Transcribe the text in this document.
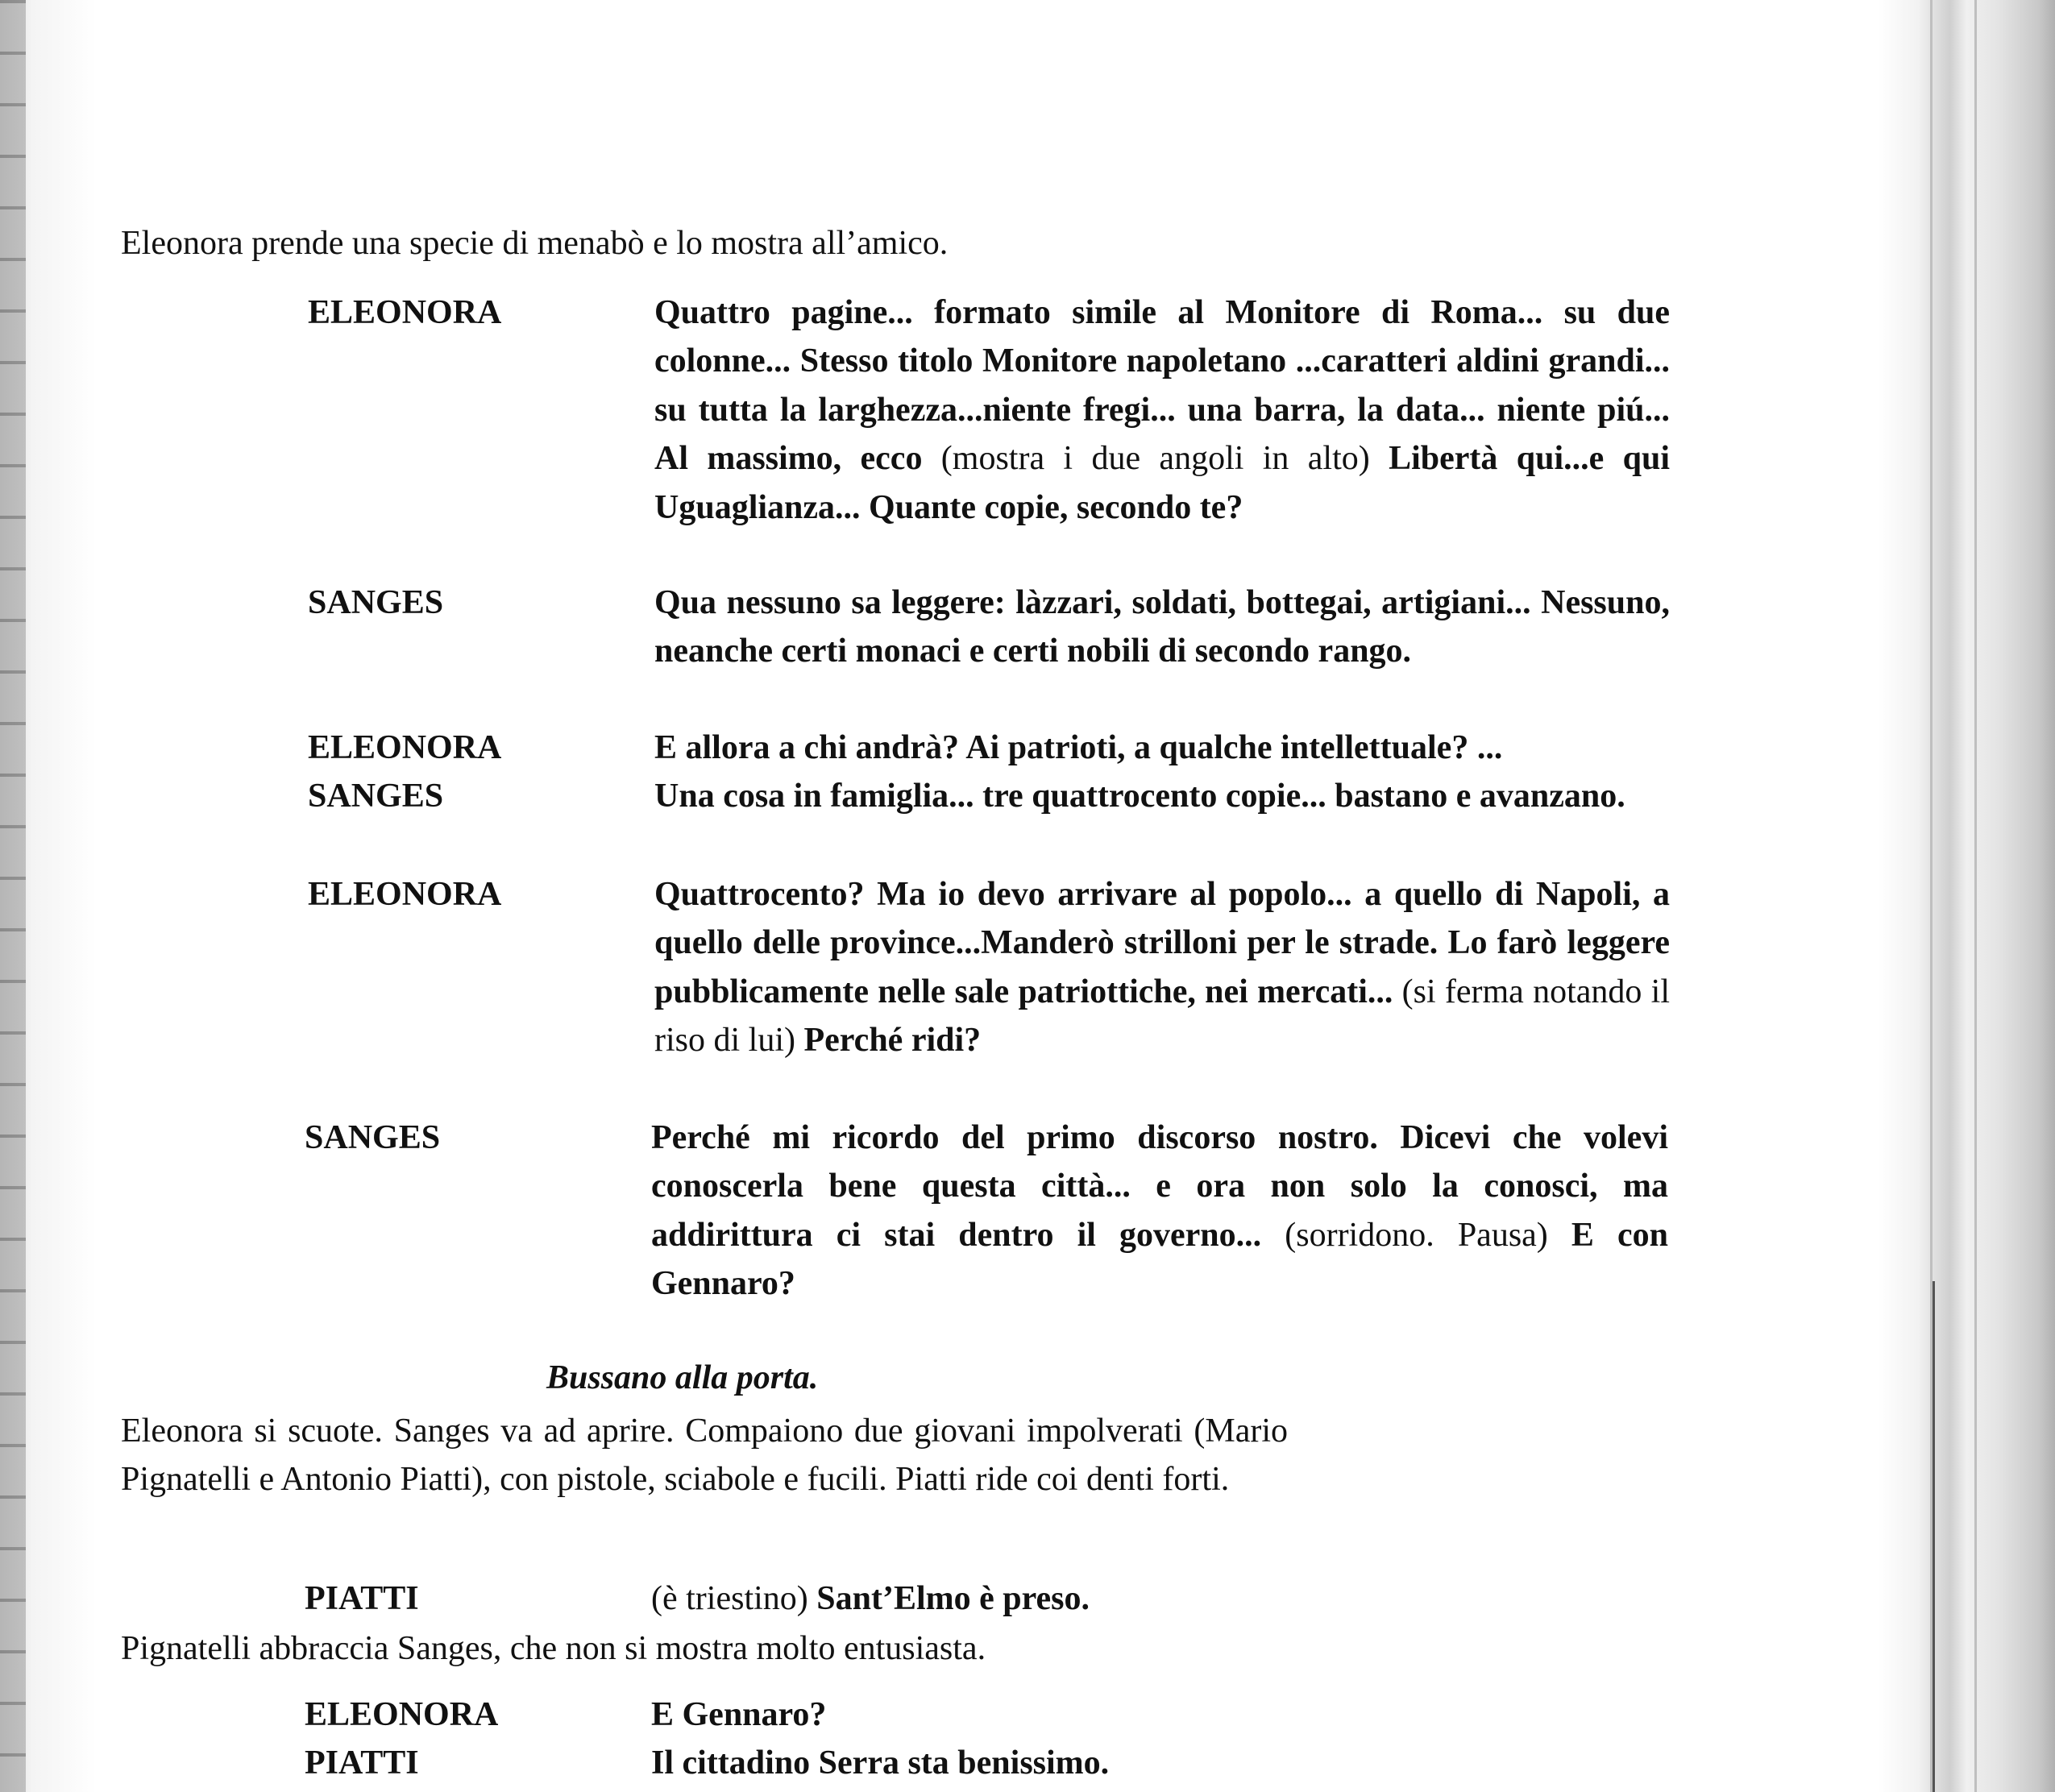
Eleonora prende una specie di menabò e lo mostra all’amico.
ELEONORA	Quattro pagine... formato simile al Monitore di Roma... su due colonne... Stesso titolo Monitore napoletano ...caratteri aldini grandi... su tutta la larghezza...niente fregi... una barra, la data... niente piú... Al massimo, ecco (mostra i due angoli in alto) Libertà qui...e qui Uguaglianza... Quante copie, secondo te?
SANGES	Qua nessuno sa leggere: làzzari, soldati, bottegai, artigiani... Nessuno, neanche certi monaci e certi nobili di secondo rango.
ELEONORA	E allora a chi andrà? Ai patrioti, a qualche intellettuale? ...
SANGES	Una cosa in famiglia... tre quattrocento copie... bastano e avanzano.
ELEONORA	Quattrocento? Ma io devo arrivare al popolo... a quello di Napoli, a quello delle province...Manderò strilloni per le strade. Lo farò leggere pubblicamente nelle sale patriottiche, nei mercati... (si ferma notando il riso di lui) Perché ridi?
SANGES	Perché mi ricordo del primo discorso nostro. Dicevi che volevi conoscerla bene questa città... e ora non solo la conosci, ma addirittura ci stai dentro il governo... (sorridono. Pausa) E con Gennaro?
Bussano alla porta.
Eleonora si scuote. Sanges va ad aprire. Compaiono due giovani impolverati (Mario Pignatelli e Antonio Piatti), con pistole, sciabole e fucili. Piatti ride coi denti forti.
PIATTI	(è triestino) Sant’Elmo è preso.
Pignatelli abbraccia Sanges, che non si mostra molto entusiasta.
ELEONORA	E Gennaro?
PIATTI	Il cittadino Serra sta benissimo.
